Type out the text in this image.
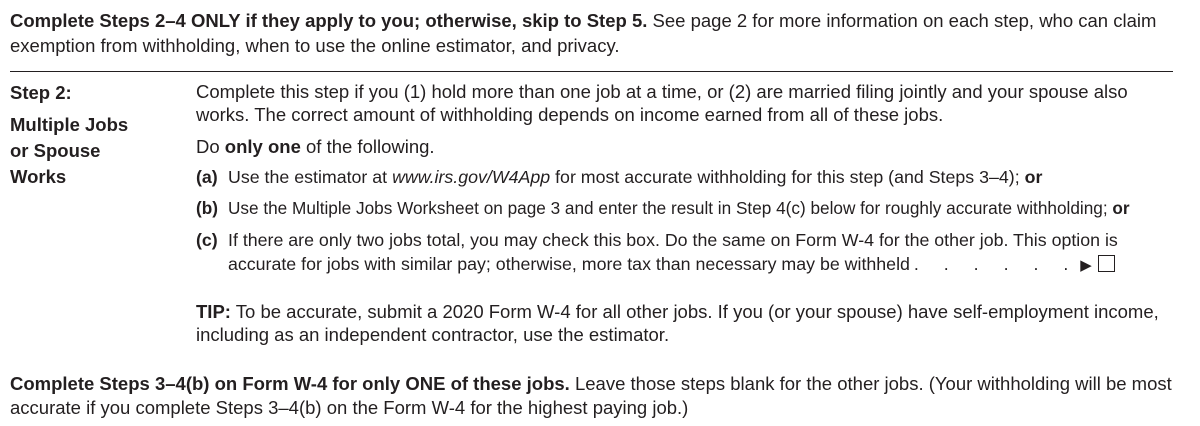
Complete Steps 2–4 ONLY if they apply to you; otherwise, skip to Step 5. See page 2 for more information on each step, who can claim exemption from withholding, when to use the online estimator, and privacy.
Step 2:
Multiple Jobs
or Spouse
Works

Complete this step if you (1) hold more than one job at a time, or (2) are married filing jointly and your spouse also works. The correct amount of withholding depends on income earned from all of these jobs.

Do only one of the following.

(a) Use the estimator at www.irs.gov/W4App for most accurate withholding for this step (and Steps 3–4); or
(b) Use the Multiple Jobs Worksheet on page 3 and enter the result in Step 4(c) below for roughly accurate withholding; or
(c) If there are only two jobs total, you may check this box. Do the same on Form W-4 for the other job. This option is accurate for jobs with similar pay; otherwise, more tax than necessary may be withheld . . . . . . ▶

TIP: To be accurate, submit a 2020 Form W-4 for all other jobs. If you (or your spouse) have self-employment income, including as an independent contractor, use the estimator.

Complete Steps 3–4(b) on Form W-4 for only ONE of these jobs. Leave those steps blank for the other jobs. (Your withholding will be most accurate if you complete Steps 3–4(b) on the Form W-4 for the highest paying job.)
